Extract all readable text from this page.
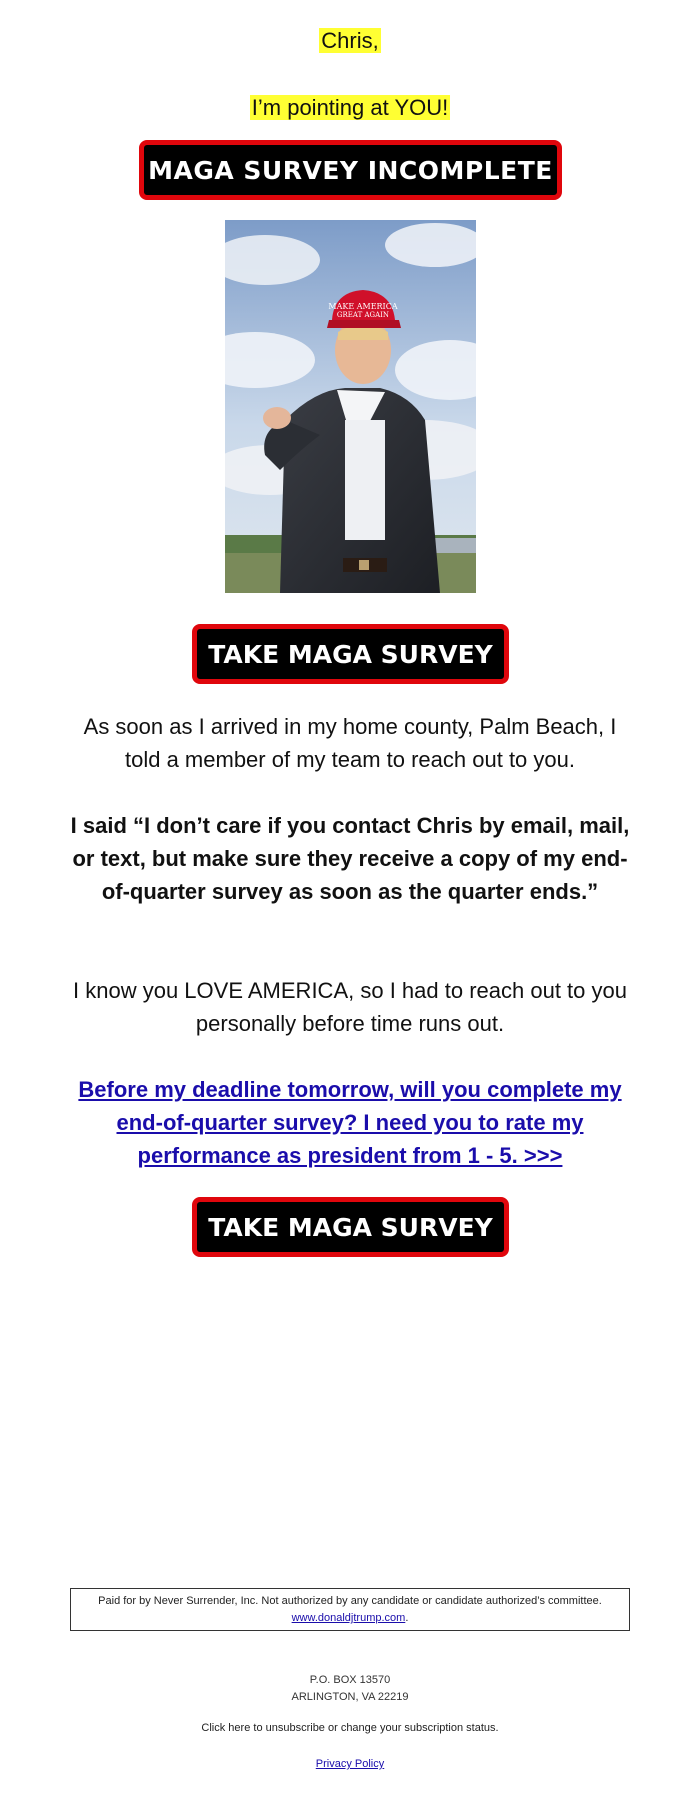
Chris,
I’m pointing at YOU!
MAGA SURVEY INCOMPLETE
MAKE AMERICA
GREAT AGAIN
TAKE MAGA SURVEY
As soon as I arrived in my home county, Palm Beach, I told a member of my team to reach out to you.
I said “I don’t care if you contact Chris by email, mail, or text, but make sure they receive a copy of my end-of-quarter survey as soon as the quarter ends.”
I know you LOVE AMERICA, so I had to reach out to you personally before time runs out.
Before my deadline tomorrow, will you complete my end-of-quarter survey? I need you to rate my performance as president from 1 - 5. >>>
TAKE MAGA SURVEY
Paid for by Never Surrender, Inc. Not authorized by any candidate or candidate authorized’s committee.
www.donaldjtrump.com.
P.O. BOX 13570
ARLINGTON, VA 22219
Click here to unsubscribe or change your subscription status.
Privacy Policy
